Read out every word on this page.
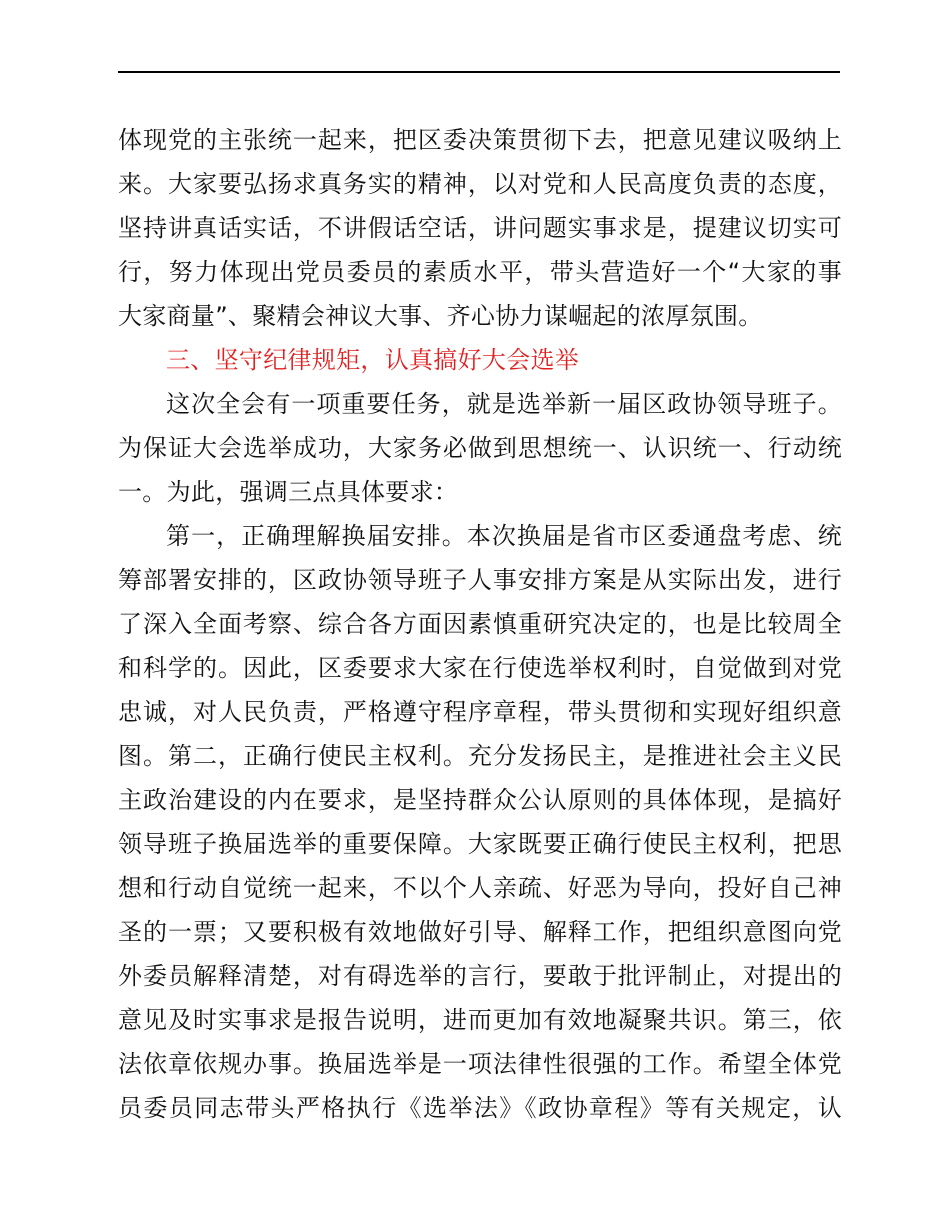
体现党的主张统一起来，把区委决策贯彻下去，把意见建议吸纳上
来。大家要弘扬求真务实的精神，以对党和人民高度负责的态度，
坚持讲真话实话，不讲假话空话，讲问题实事求是，提建议切实可
行，努力体现出党员委员的素质水平，带头营造好一个“大家的事
大家商量”、聚精会神议大事、齐心协力谋崛起的浓厚氛围。
三、坚守纪律规矩，认真搞好大会选举
这次全会有一项重要任务，就是选举新一届区政协领导班子。
为保证大会选举成功，大家务必做到思想统一、认识统一、行动统
一。为此，强调三点具体要求：
第一，正确理解换届安排。本次换届是省市区委通盘考虑、统
筹部署安排的，区政协领导班子人事安排方案是从实际出发，进行
了深入全面考察、综合各方面因素慎重研究决定的，也是比较周全
和科学的。因此，区委要求大家在行使选举权利时，自觉做到对党
忠诚，对人民负责，严格遵守程序章程，带头贯彻和实现好组织意
图。第二，正确行使民主权利。充分发扬民主，是推进社会主义民
主政治建设的内在要求，是坚持群众公认原则的具体体现，是搞好
领导班子换届选举的重要保障。大家既要正确行使民主权利，把思
想和行动自觉统一起来，不以个人亲疏、好恶为导向，投好自己神
圣的一票；又要积极有效地做好引导、解释工作，把组织意图向党
外委员解释清楚，对有碍选举的言行，要敢于批评制止，对提出的
意见及时实事求是报告说明，进而更加有效地凝聚共识。第三，依
法依章依规办事。换届选举是一项法律性很强的工作。希望全体党
员委员同志带头严格执行《选举法》《政协章程》等有关规定，认
